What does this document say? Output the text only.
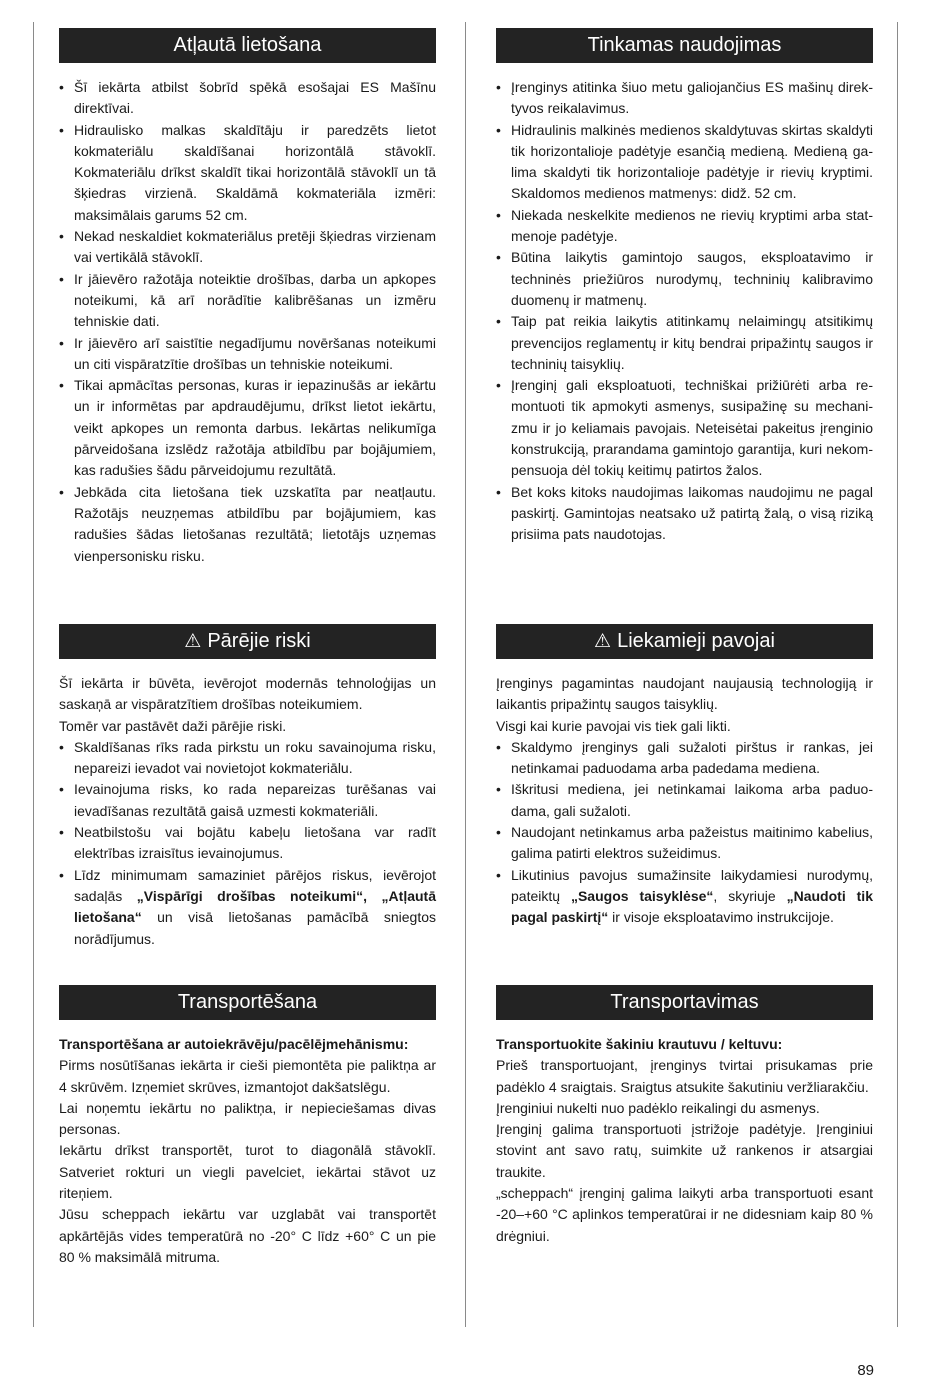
Atļautā lietošana
• Šī iekārta atbilst šobrīd spēkā esošajai ES Mašīnu direktīvai.
• Hidraulisko malkas skaldītāju ir paredzēts lietot kokmateriālu skaldīšanai horizontālā stāvoklī. Kokmateriālu drīkst skaldīt tikai horizontālā stāvoklī un tā šķiedras virzienā. Skaldāmā kokmateriāla izmēri: maksimālais garums 52 cm.
• Nekad neskaldiet kokmateriālus pretēji šķiedras virzienam vai vertikālā stāvoklī.
• Ir jāievēro ražotāja noteiktie drošības, darba un apkopes noteikumi, kā arī norādītie kalibrēšanas un izmēru tehniskie dati.
• Ir jāievēro arī saistītie negadījumu novēršanas noteikumi un citi vispāratzītie drošības un tehniskie noteikumi.
• Tikai apmācītas personas, kuras ir iepazinušās ar iekārtu un ir informētas par apdraudējumu, drīkst lietot iekārtu, veikt apkopes un remonta darbus. Iekārtas nelikumīga pārveidošana izslēdz ražotāja atbildību par bojājumiem, kas radušies šādu pārveidojumu rezultātā.
• Jebkāda cita lietošana tiek uzskatīta par neatļautu. Ražotājs neuzņemas atbildību par bojājumiem, kas radušies šādas lietošanas rezultātā; lietotājs uzņemas vienpersonisku risku.
⚠ Pārējie riski

Šī iekārta ir būvēta, ievērojot modernās tehnoloģijas un saskaņā ar vispāratzītiem drošības noteikumiem.

Tomēr var pastāvēt daži pārējie riski.

• Skaldīšanas rīks rada pirkstu un roku savainojuma risku, nepareizi ievadot vai novietojot kokmateriālu.
• Ievainojuma risks, ko rada nepareizas turēšanas vai ievadīšanas rezultātā gaisā uzmesti kokmateriāli.
• Neatbilstošu vai bojātu kabeļu lietošana var radīt elektrības izraisītus ievainojumus.
• Līdz minimumam samaziniet pārējos riskus, ievērojot sadaļās „Vispārīgi drošības noteikumi“, „Atļautā lietošana“ un visā lietošanas pamācībā sniegtos norādījumus.
Transportēšana

Transportēšana ar autoiekrāvēju/pacēlējmehānismu:

Pirms nosūtīšanas iekārta ir cieši piemontēta pie paliktņa ar 4 skrūvēm. Izņemiet skrūves, izmantojot dakšatslēgu.

Lai noņemtu iekārtu no paliktņa, ir nepieciešamas divas personas.

Iekārtu drīkst transportēt, turot to diagonālā stāvoklī. Satveriet rokturi un viegli pavelciet, iekārtai stāvot uz riteņiem.

Jūsu scheppach iekārtu var uzglabāt vai transportēt apkārtējās vides temperatūrā no -20° C līdz +60° C un pie 80 % maksimālā mitruma.

Tinkamas naudojimas
• Įrenginys atitinka šiuo metu galiojančius ES mašinų direktyvos reikalavimus.
• Hidraulinis malkinės medienos skaldytuvas skirtas skaldyti tik horizontalioje padėtyje esančią medieną. Medieną galima skaldyti tik horizontalioje padėtyje ir rievių kryptimi. Skaldomos medienos matmenys: didž. 52 cm.
• Niekada neskelkite medienos ne rievių kryptimi arba statmenoje padėtyje.
• Būtina laikytis gamintojo saugos, eksploatavimo ir techninės priežiūros nurodymų, techninių kalibravimo duomenų ir matmenų.
• Taip pat reikia laikytis atitinkamų nelaimingų atsitikimų prevencijos reglamentų ir kitų bendrai pripažintų saugos ir techninių taisyklių.
• Įrenginį gali eksploatuoti, techniškai prižiūrėti arba remontuoti tik apmokyti asmenys, susipažinę su mechanizmu ir jo keliamais pavojais. Neteisėtai pakeitus įrenginio konstrukciją, prarandama gamintojo garantija, kuri nekompensuoja dėl tokių keitimų patirtos žalos.
• Bet koks kitoks naudojimas laikomas naudojimu ne pagal paskirtį. Gamintojas neatsako už patirtą žalą, o visą riziką prisiima pats naudotojas.
⚠ Liekamieji pavojai

Įrenginys pagamintas naudojant naujausią technologiją ir laikantis pripažintų saugos taisyklių.

Visgi kai kurie pavojai vis tiek gali likti.

• Skaldymo įrenginys gali sužaloti pirštus ir rankas, jei netinkamai paduodama arba padedama mediena.
• Iškritusi mediena, jei netinkamai laikoma arba paduodama, gali sužaloti.
• Naudojant netinkamus arba pažeistus maitinimo kabelius, galima patirti elektros sužeidimus.
• Likutinius pavojus sumažinsite laikydamiesi nurodymų, pateiktų „Saugos taisyklėse“, skyriuje „Naudoti tik pagal paskirtį“ ir visoje eksploatavimo instrukcijoje.
Transportavimas

Transportuokite šakiniu krautuvu / keltuvu:

Prieš transportuojant, įrenginys tvirtai prisukamas prie padėklo 4 sraigtais. Sraigtus atsukite šakutiniu veržliarakčiu.

Įrenginiui nukelti nuo padėklo reikalingi du asmenys.

Įrenginį galima transportuoti įstrižoje padėtyje. Įrenginiui stovint ant savo ratų, suimkite už rankenos ir atsargiai traukite.

„scheppach“ įrenginį galima laikyti arba transportuoti esant -20–+60 °C aplinkos temperatūrai ir ne didesniam kaip 80 % drėgniui.

89
